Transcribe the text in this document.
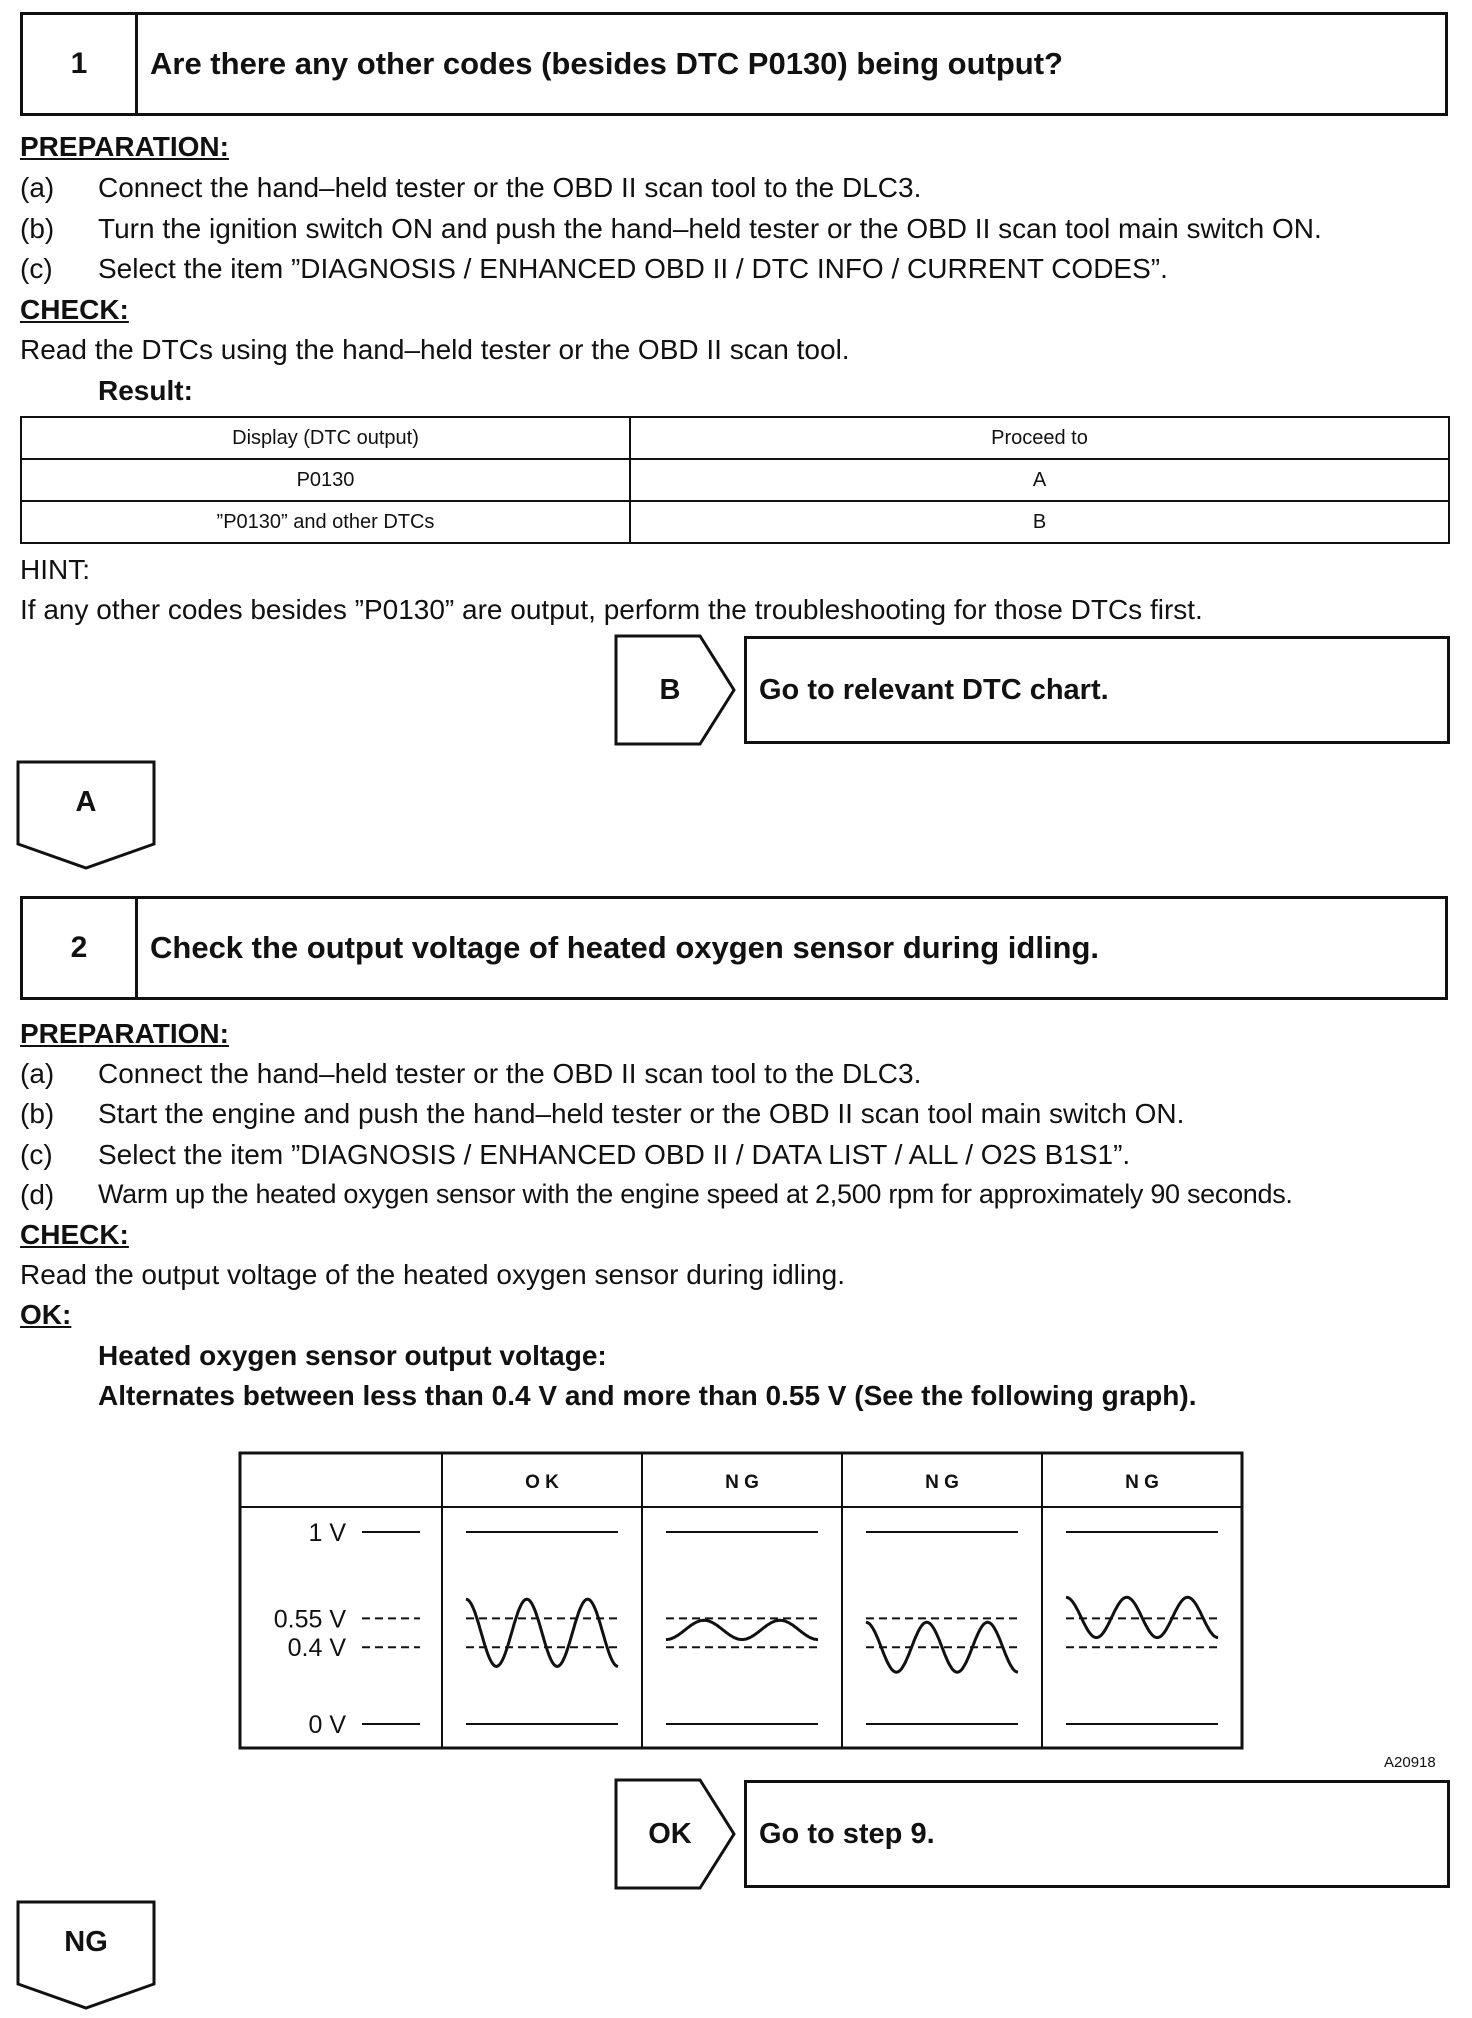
1	Are there any other codes (besides DTC P0130) being output?
PREPARATION:
(a) Connect the hand–held tester or the OBD II scan tool to the DLC3.
(b) Turn the ignition switch ON and push the hand–held tester or the OBD II scan tool main switch ON.
(c) Select the item ”DIAGNOSIS / ENHANCED OBD II / DTC INFO / CURRENT CODES”.
CHECK:
Read the DTCs using the hand–held tester or the OBD II scan tool.
Result:
Display (DTC output)	Proceed to
P0130	A
”P0130” and other DTCs	B
HINT:
If any other codes besides ”P0130” are output, perform the troubleshooting for those DTCs first.
B	Go to relevant DTC chart.
A
2	Check the output voltage of heated oxygen sensor during idling.
PREPARATION:
(a) Connect the hand–held tester or the OBD II scan tool to the DLC3.
(b) Start the engine and push the hand–held tester or the OBD II scan tool main switch ON.
(c) Select the item ”DIAGNOSIS / ENHANCED OBD II / DATA LIST / ALL / O2S B1S1”.
(d) Warm up the heated oxygen sensor with the engine speed at 2,500 rpm for approximately 90 seconds.
CHECK:
Read the output voltage of the heated oxygen sensor during idling.
OK:
Heated oxygen sensor output voltage:
Alternates between less than 0.4 V and more than 0.55 V (See the following graph).
O K	N G	N G	N G
1 V
0.55 V
0.4 V
0 V
A20918
OK	Go to step 9.
NG
